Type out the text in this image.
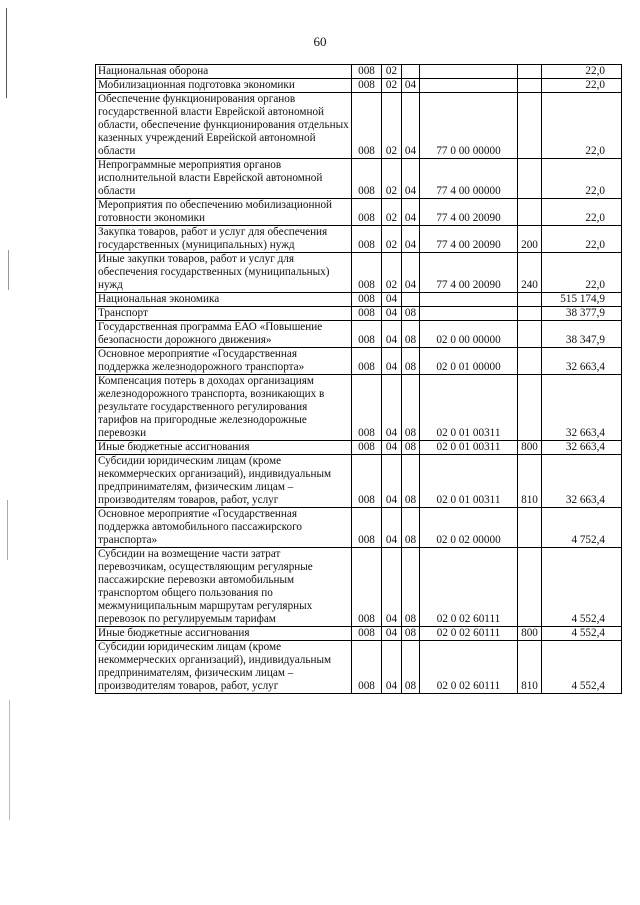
60
Национальная оборона	008	02				22,0
Мобилизационная подготовка экономики	008	02	04			22,0
Обеспечение функционирования органов государственной власти Еврейской автономной области, обеспечение функционирования отдельных казенных учреждений Еврейской автономной области	008	02	04	77 0 00 00000		22,0
Непрограммные мероприятия органов исполнительной власти Еврейской автономной области	008	02	04	77 4 00 00000		22,0
Мероприятия по обеспечению мобилизационной готовности экономики	008	02	04	77 4 00 20090		22,0
Закупка товаров, работ и услуг для обеспечения государственных (муниципальных) нужд	008	02	04	77 4 00 20090	200	22,0
Иные закупки товаров, работ и услуг для обеспечения государственных (муниципальных) нужд	008	02	04	77 4 00 20090	240	22,0
Национальная экономика	008	04				515 174,9
Транспорт	008	04	08			38 377,9
Государственная программа ЕАО «Повышение безопасности дорожного движения»	008	04	08	02 0 00 00000		38 347,9
Основное мероприятие «Государственная поддержка железнодорожного транспорта»	008	04	08	02 0 01 00000		32 663,4
Компенсация потерь в доходах организациям железнодорожного транспорта, возникающих в результате государственного регулирования тарифов на пригородные железнодорожные перевозки	008	04	08	02 0 01 00311		32 663,4
Иные бюджетные ассигнования	008	04	08	02 0 01 00311	800	32 663,4
Субсидии юридическим лицам (кроме некоммерческих организаций), индивидуальным предпринимателям, физическим лицам – производителям товаров, работ, услуг	008	04	08	02 0 01 00311	810	32 663,4
Основное мероприятие «Государственная поддержка автомобильного пассажирского транспорта»	008	04	08	02 0 02 00000		4 752,4
Субсидии на возмещение части затрат перевозчикам, осуществляющим регулярные пассажирские перевозки автомобильным транспортом общего пользования по межмуниципальным маршрутам регулярных перевозок по регулируемым тарифам	008	04	08	02 0 02 60111		4 552,4
Иные бюджетные ассигнования	008	04	08	02 0 02 60111	800	4 552,4
Субсидии юридическим лицам (кроме некоммерческих организаций), индивидуальным предпринимателям, физическим лицам – производителям товаров, работ, услуг	008	04	08	02 0 02 60111	810	4 552,4
